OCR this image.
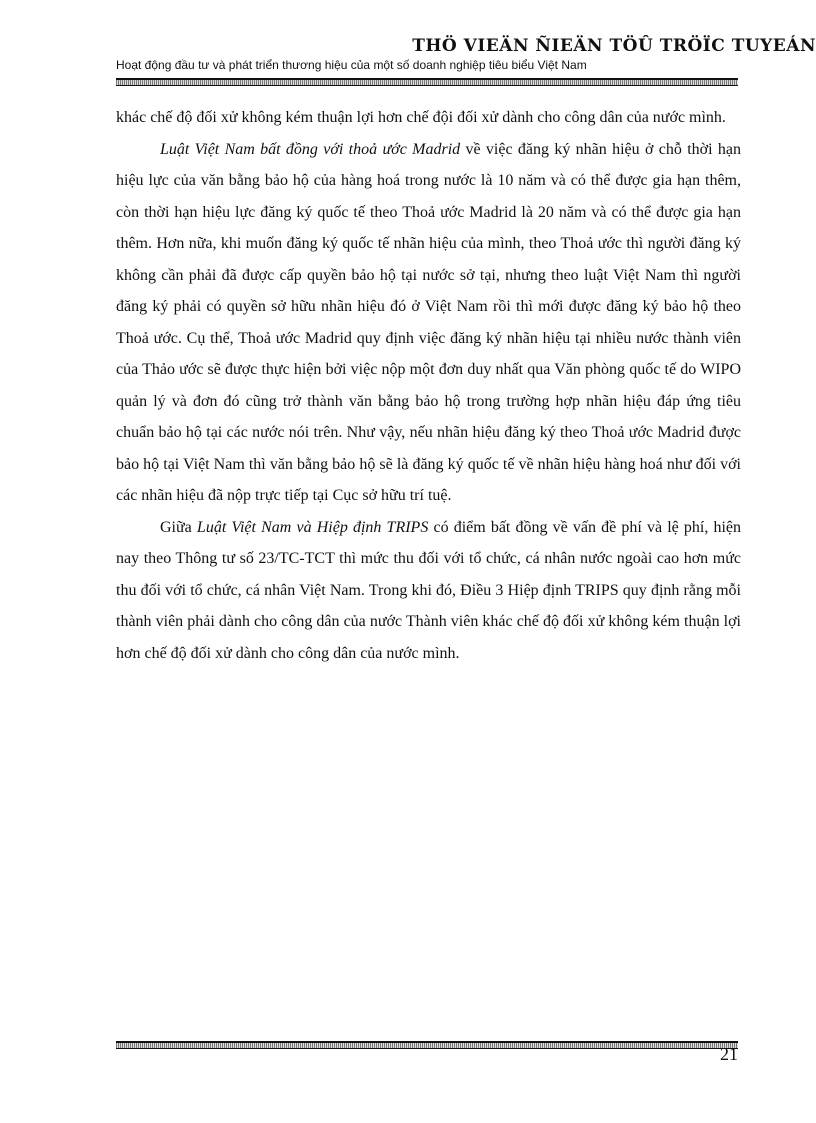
THÖ VIEÄN ÑIEÄN TÖÛ TRÖÏC TUYEÁN
Hoạt động đầu tư và phát triển thương hiệu của một số doanh nghiệp tiêu biểu Việt Nam

khác chế độ đối xử không kém thuận lợi hơn chế đội đối xử dành cho công dân của nước mình.

Luật Việt Nam bất đồng với thoả ước Madrid về việc đăng ký nhãn hiệu ở chỗ thời hạn hiệu lực của văn bằng bảo hộ của hàng hoá trong nước là 10 năm và có thể được gia hạn thêm, còn thời hạn hiệu lực đăng ký quốc tế theo Thoả ước Madrid là 20 năm và có thể được gia hạn thêm. Hơn nữa, khi muốn đăng ký quốc tế nhãn hiệu của mình, theo Thoả ước thì người đăng ký không cần phải đã được cấp quyền bảo hộ tại nước sở tại, nhưng theo luật Việt Nam thì người đăng ký phải có quyền sở hữu nhãn hiệu đó ở Việt Nam rồi thì mới được đăng ký bảo hộ theo Thoả ước. Cụ thể, Thoả ước Madrid quy định việc đăng ký nhãn hiệu tại nhiều nước thành viên của Thảo ước sẽ được thực hiện bởi việc nộp một đơn duy nhất qua Văn phòng quốc tế do WIPO quản lý và đơn đó cũng trở thành văn bằng bảo hộ trong trường hợp nhãn hiệu đáp ứng tiêu chuẩn bảo hộ tại các nước nói trên. Như vậy, nếu nhãn hiệu đăng ký theo Thoả ước Madrid được bảo hộ tại Việt Nam thì văn bằng bảo hộ sẽ là đăng ký quốc tế về nhãn hiệu hàng hoá như đối với các nhãn hiệu đã nộp trực tiếp tại Cục sở hữu trí tuệ.

Giữa Luật Việt Nam và Hiệp định TRIPS có điểm bất đồng về vấn đề phí và lệ phí, hiện nay theo Thông tư số 23/TC-TCT thì mức thu đối với tổ chức, cá nhân nước ngoài cao hơn mức thu đối với tổ chức, cá nhân Việt Nam. Trong khi đó, Điều 3 Hiệp định TRIPS quy định rằng mỗi thành viên phải dành cho công dân của nước Thành viên khác chế độ đối xử không kém thuận lợi hơn chế độ đối xử dành cho công dân của nước mình.

21
